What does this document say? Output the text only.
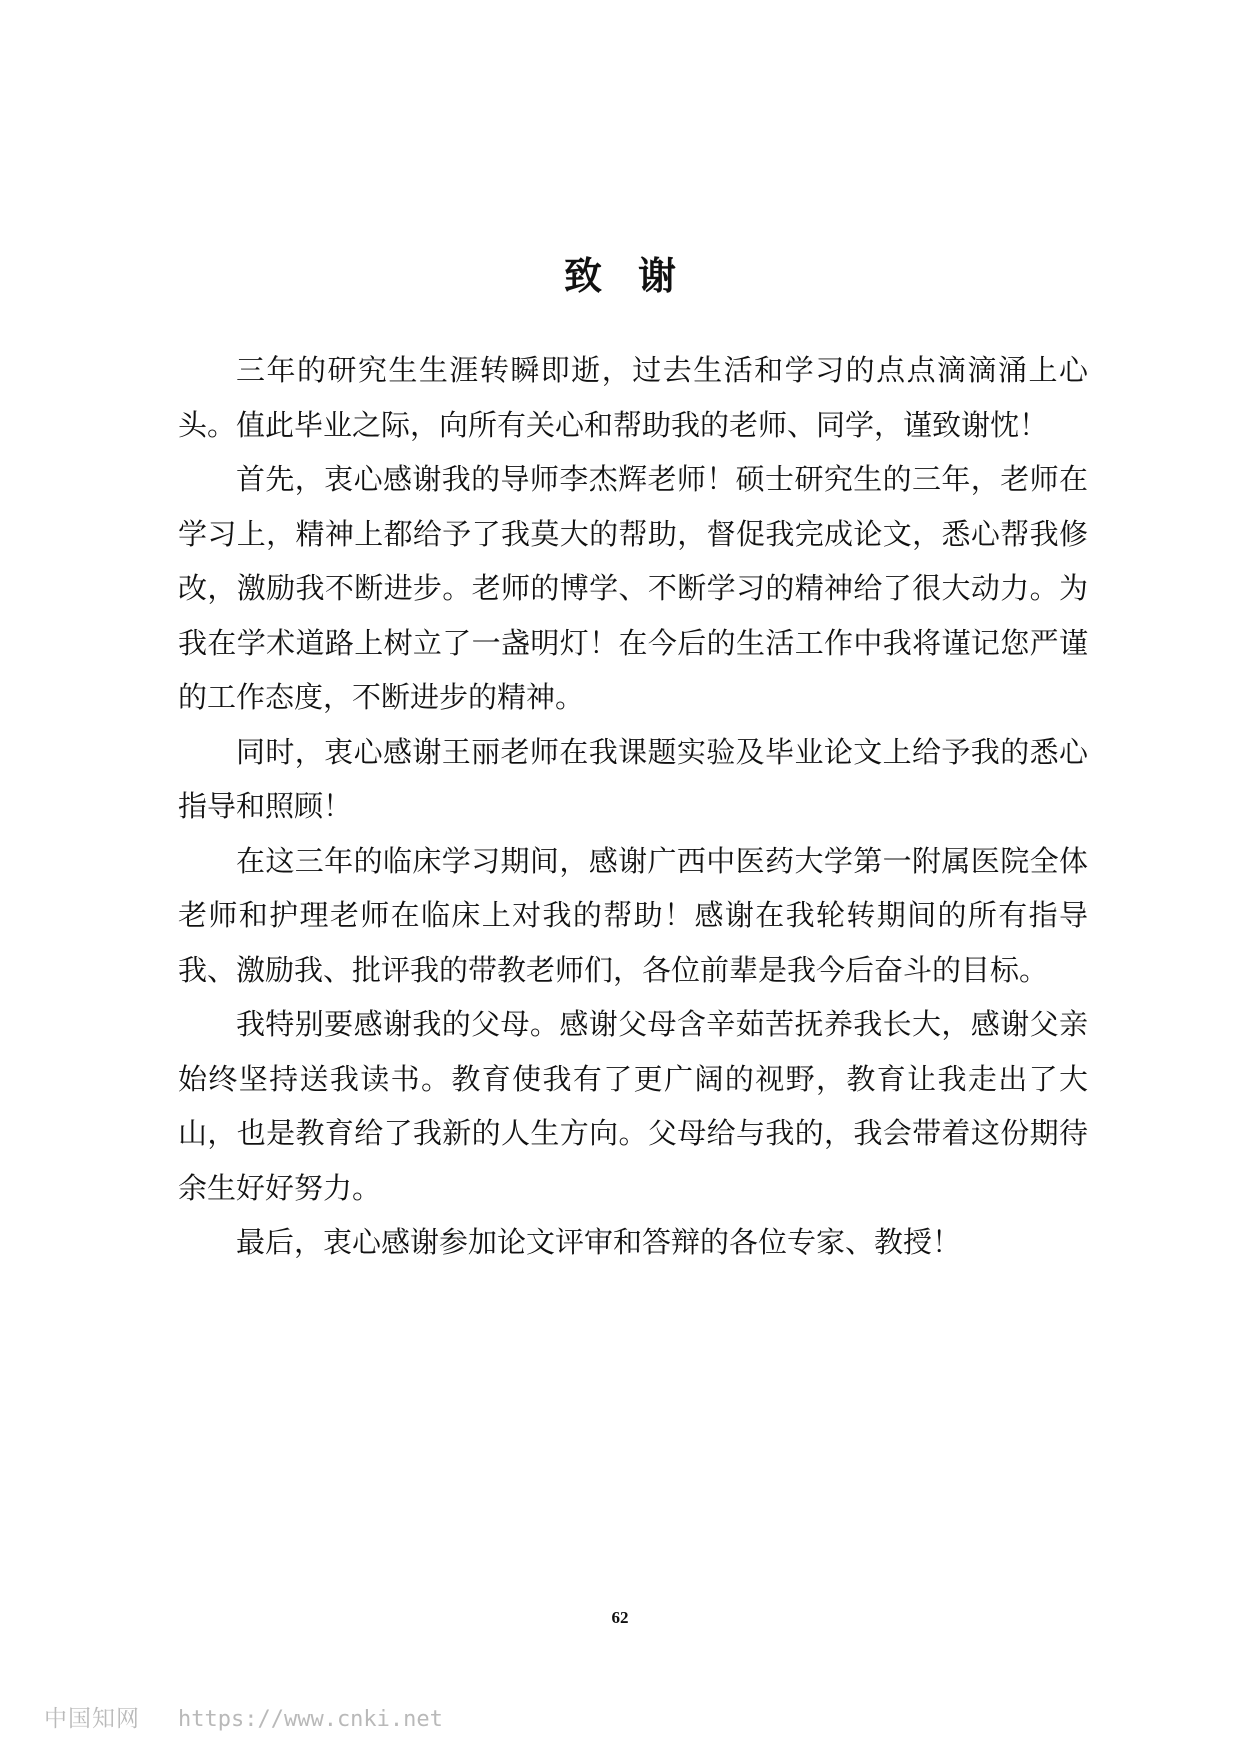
致谢

三年的研究生生涯转瞬即逝，过去生活和学习的点点滴滴涌上心头。值此毕业之际，向所有关心和帮助我的老师、同学，谨致谢忱！

首先，衷心感谢我的导师李杰辉老师！硕士研究生的三年，老师在学习上，精神上都给予了我莫大的帮助，督促我完成论文，悉心帮我修改，激励我不断进步。老师的博学、不断学习的精神给了很大动力。为我在学术道路上树立了一盏明灯！在今后的生活工作中我将谨记您严谨的工作态度，不断进步的精神。

同时，衷心感谢王丽老师在我课题实验及毕业论文上给予我的悉心指导和照顾！

在这三年的临床学习期间，感谢广西中医药大学第一附属医院全体老师和护理老师在临床上对我的帮助！感谢在我轮转期间的所有指导我、激励我、批评我的带教老师们，各位前辈是我今后奋斗的目标。

我特别要感谢我的父母。感谢父母含辛茹苦抚养我长大，感谢父亲始终坚持送我读书。教育使我有了更广阔的视野，教育让我走出了大山，也是教育给了我新的人生方向。父母给与我的，我会带着这份期待余生好好努力。

最后，衷心感谢参加论文评审和答辩的各位专家、教授！

62
中国知网 https://www.cnki.net
